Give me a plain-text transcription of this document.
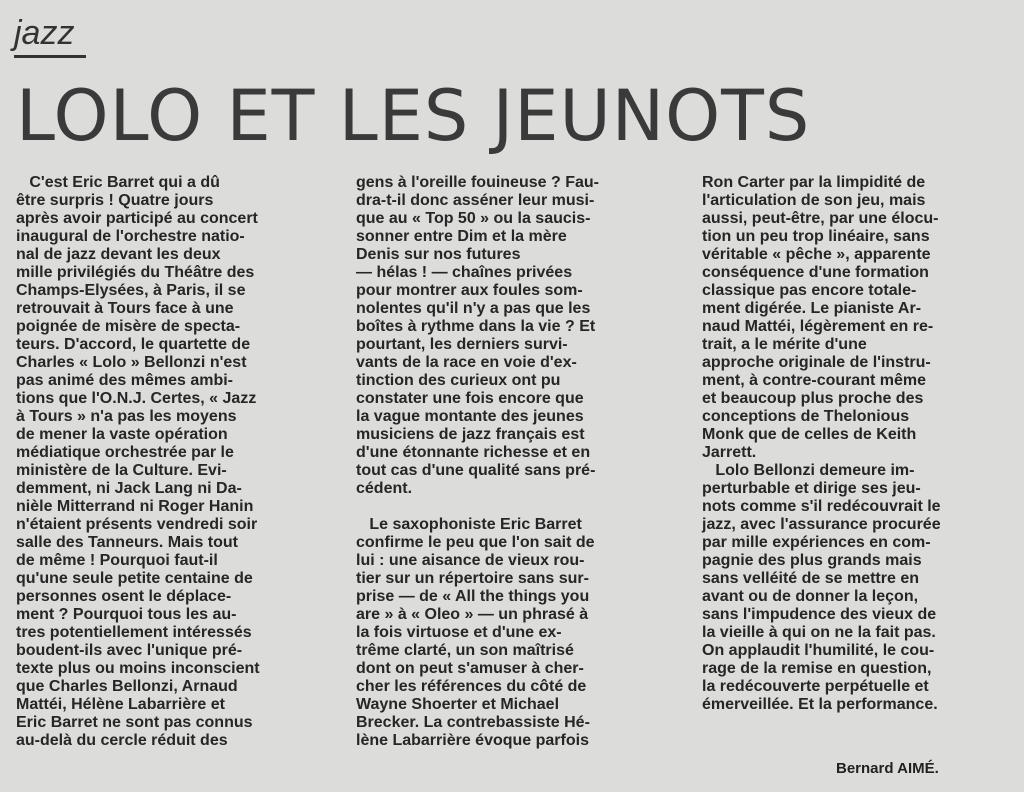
jazz
LOLO ET LES JEUNOTS
C'est Eric Barret qui a dû
être surpris ! Quatre jours
après avoir participé au concert
inaugural de l'orchestre natio-
nal de jazz devant les deux
mille privilégiés du Théâtre des
Champs-Elysées, à Paris, il se
retrouvait à Tours face à une
poignée de misère de specta-
teurs. D'accord, le quartette de
Charles « Lolo » Bellonzi n'est
pas animé des mêmes ambi-
tions que l'O.N.J. Certes, « Jazz
à Tours » n'a pas les moyens
de mener la vaste opération
médiatique orchestrée par le
ministère de la Culture. Evi-
demment, ni Jack Lang ni Da-
nièle Mitterrand ni Roger Hanin
n'étaient présents vendredi soir
salle des Tanneurs. Mais tout
de même ! Pourquoi faut-il
qu'une seule petite centaine de
personnes osent le déplace-
ment ? Pourquoi tous les au-
tres potentiellement intéressés
boudent-ils avec l'unique pré-
texte plus ou moins inconscient
que Charles Bellonzi, Arnaud
Mattéi, Hélène Labarrière et
Eric Barret ne sont pas connus
au-delà du cercle réduit des
gens à l'oreille fouineuse ? Fau-
dra-t-il donc asséner leur musi-
que au « Top 50 » ou la saucis-
sonner entre Dim et la mère
Denis sur nos futures
— hélas ! — chaînes privées
pour montrer aux foules som-
nolentes qu'il n'y a pas que les
boîtes à rythme dans la vie ? Et
pourtant, les derniers survi-
vants de la race en voie d'ex-
tinction des curieux ont pu
constater une fois encore que
la vague montante des jeunes
musiciens de jazz français est
d'une étonnante richesse et en
tout cas d'une qualité sans pré-
cédent.
Le saxophoniste Eric Barret
confirme le peu que l'on sait de
lui : une aisance de vieux rou-
tier sur un répertoire sans sur-
prise — de « All the things you
are » à « Oleo » — un phrasé à
la fois virtuose et d'une ex-
trême clarté, un son maîtrisé
dont on peut s'amuser à cher-
cher les références du côté de
Wayne Shoerter et Michael
Brecker. La contrebassiste Hé-
lène Labarrière évoque parfois
Ron Carter par la limpidité de
l'articulation de son jeu, mais
aussi, peut-être, par une élocu-
tion un peu trop linéaire, sans
véritable « pêche », apparente
conséquence d'une formation
classique pas encore totale-
ment digérée. Le pianiste Ar-
naud Mattéi, légèrement en re-
trait, a le mérite d'une
approche originale de l'instru-
ment, à contre-courant même
et beaucoup plus proche des
conceptions de Thelonious
Monk que de celles de Keith
Jarrett.
Lolo Bellonzi demeure im-
perturbable et dirige ses jeu-
nots comme s'il redécouvrait le
jazz, avec l'assurance procurée
par mille expériences en com-
pagnie des plus grands mais
sans velléité de se mettre en
avant ou de donner la leçon,
sans l'impudence des vieux de
la vieille à qui on ne la fait pas.
On applaudit l'humilité, le cou-
rage de la remise en question,
la redécouverte perpétuelle et
émerveillée. Et la performance.
Bernard AIMÉ.
